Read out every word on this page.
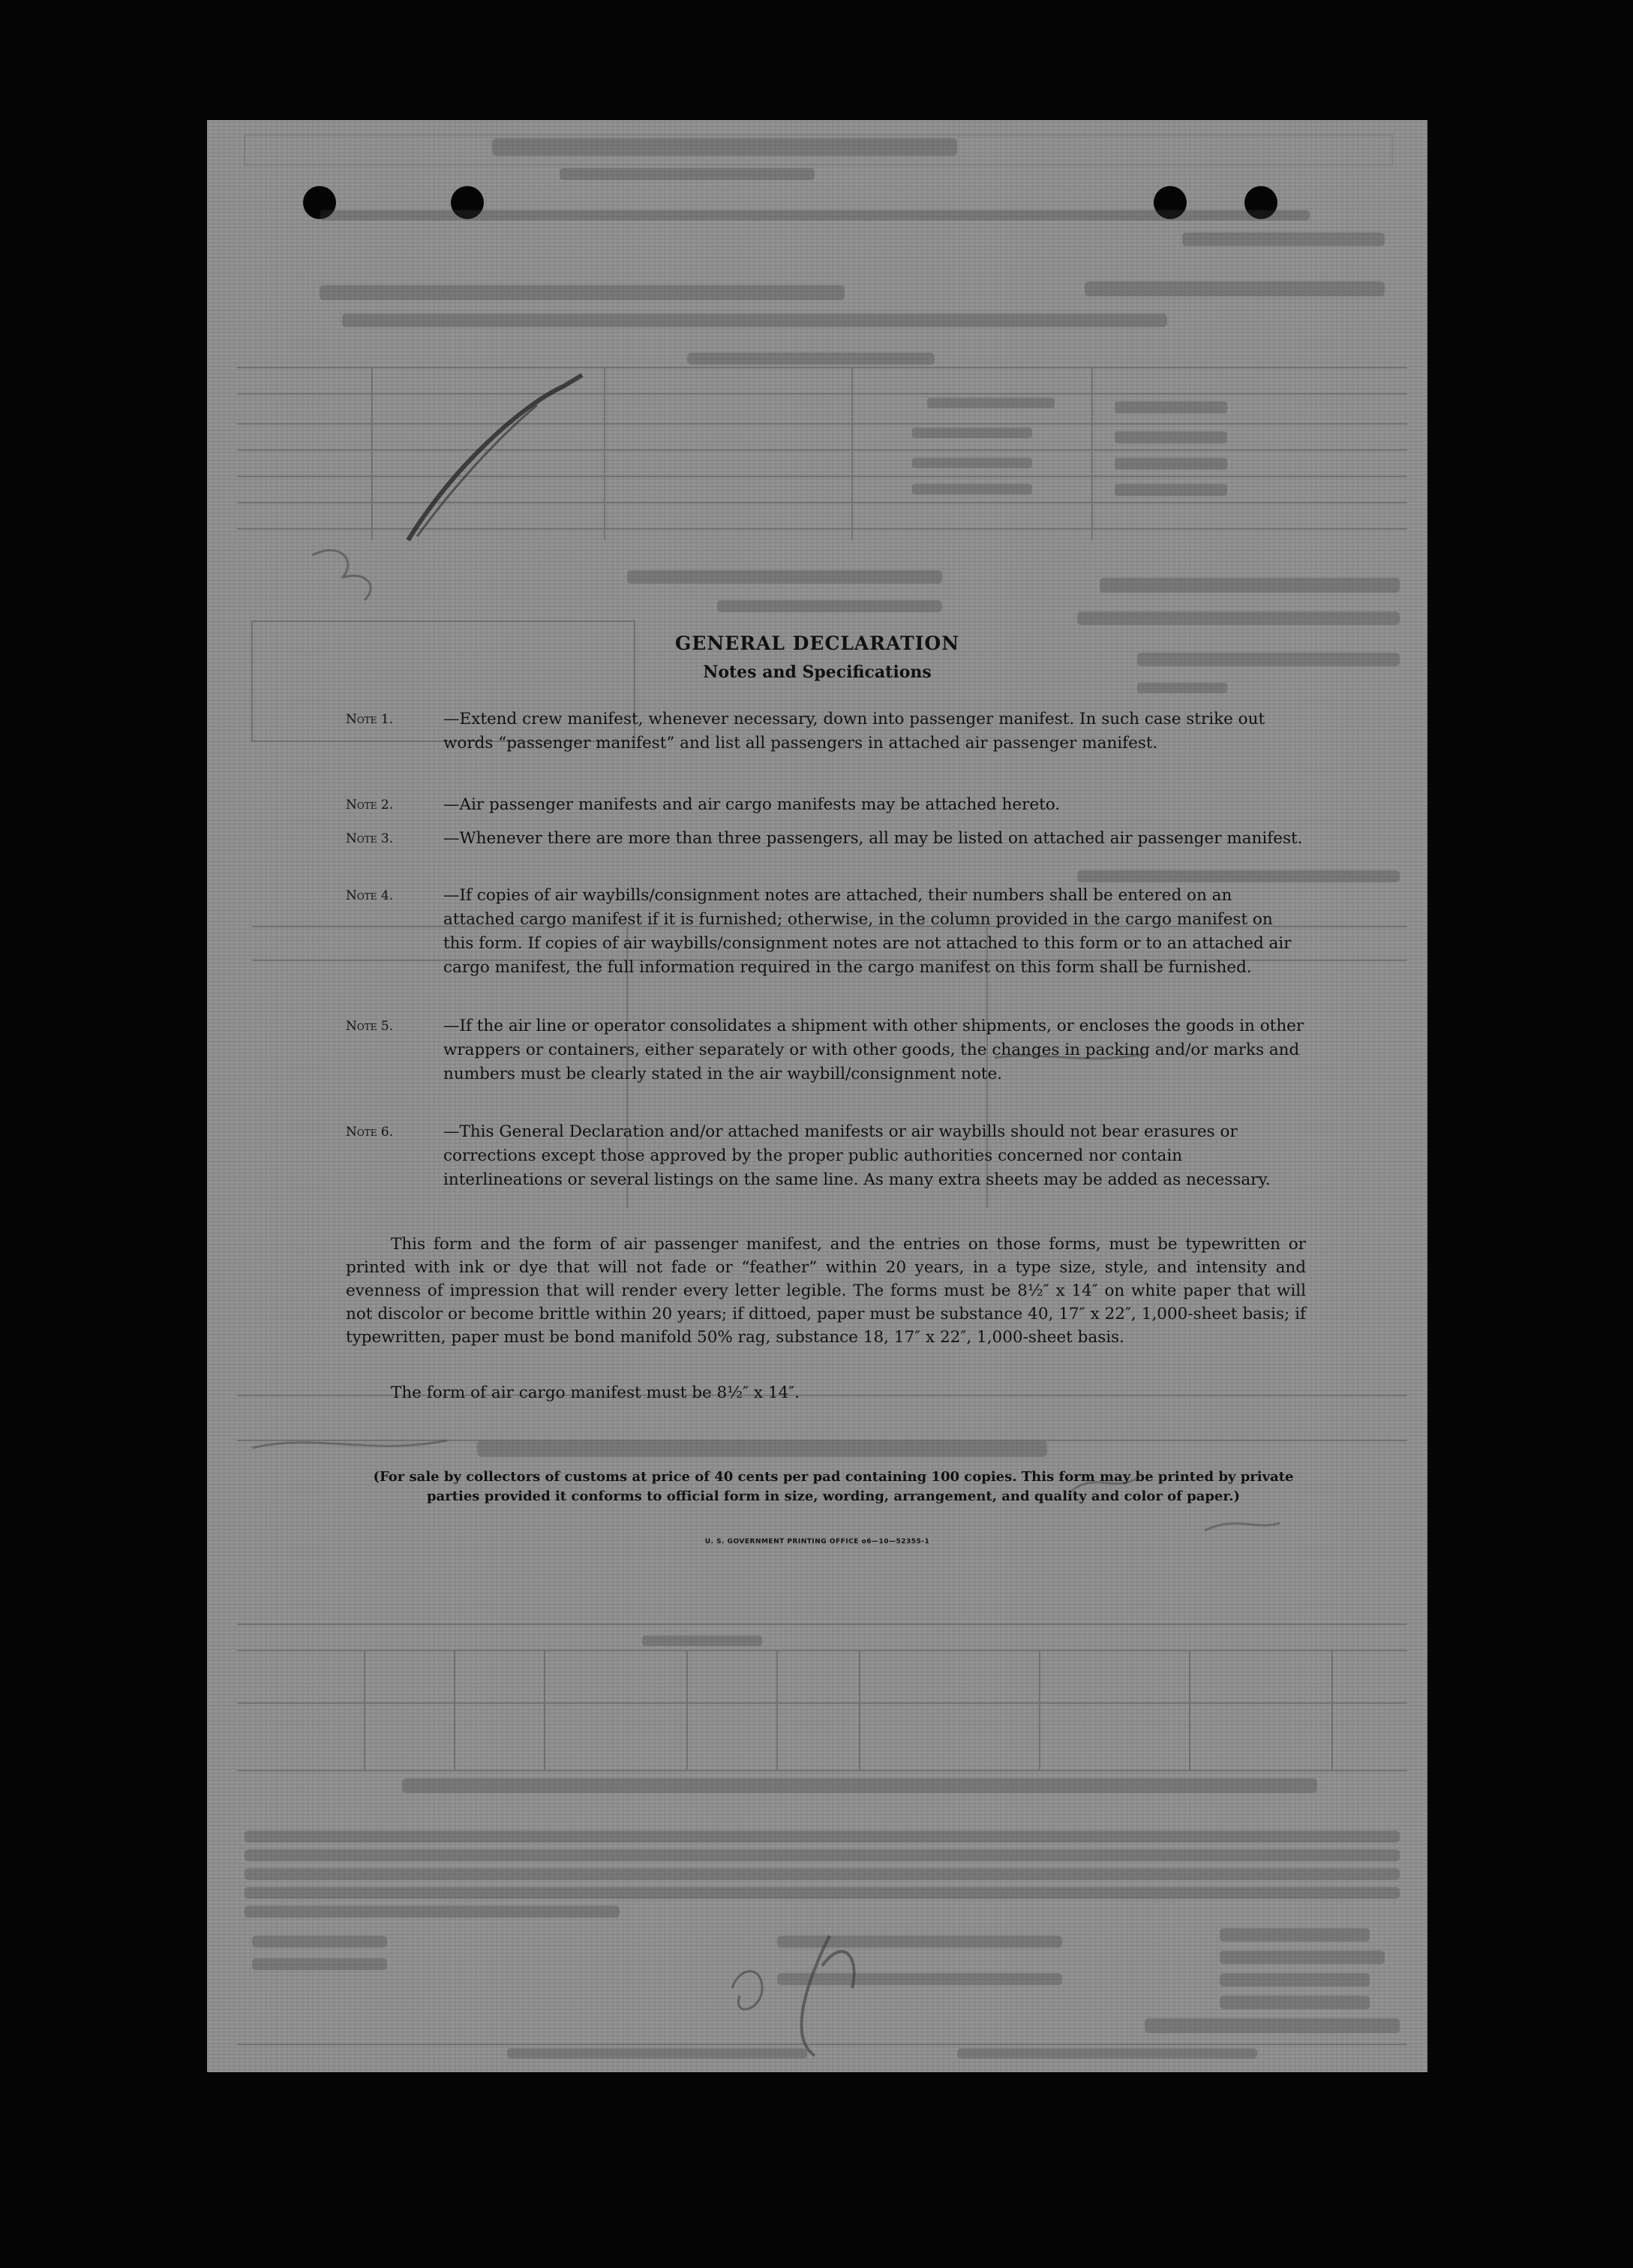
GENERAL DECLARATION
Notes and Specifications
Note 1.	—Extend crew manifest, whenever necessary, down into passenger manifest. In such case strike out words “passenger manifest” and list all passengers in attached air passenger manifest.
Note 2.	—Air passenger manifests and air cargo manifests may be attached hereto.
Note 3.	—Whenever there are more than three passengers, all may be listed on attached air passenger manifest.
Note 4.	—If copies of air waybills/consignment notes are attached, their numbers shall be entered on an attached cargo manifest if it is furnished; otherwise, in the column provided in the cargo manifest on this form. If copies of air waybills/consignment notes are not attached to this form or to an attached air cargo manifest, the full information required in the cargo manifest on this form shall be furnished.
Note 5.	—If the air line or operator consolidates a shipment with other shipments, or encloses the goods in other wrappers or containers, either separately or with other goods, the changes in packing and/or marks and numbers must be clearly stated in the air waybill/consignment note.
Note 6.	—This General Declaration and/or attached manifests or air waybills should not bear erasures or corrections except those approved by the proper public authorities concerned nor contain interlineations or several listings on the same line. As many extra sheets may be added as necessary.
This form and the form of air passenger manifest, and the entries on those forms, must be typewritten or printed with ink or dye that will not fade or “feather” within 20 years, in a type size, style, and intensity and evenness of impression that will render every letter legible. The forms must be 8½″ x 14″ on white paper that will not discolor or become brittle within 20 years; if dittoed, paper must be substance 40, 17″ x 22″, 1,000-sheet basis; if typewritten, paper must be bond manifold 50% rag, substance 18, 17″ x 22″, 1,000-sheet basis.
The form of air cargo manifest must be 8½″ x 14″.
(For sale by collectors of customs at price of 40 cents per pad containing 100 copies. This form may be printed by private parties provided it conforms to official form in size, wording, arrangement, and quality and color of paper.)
U. S. GOVERNMENT PRINTING OFFICE o6—10—52355-1
